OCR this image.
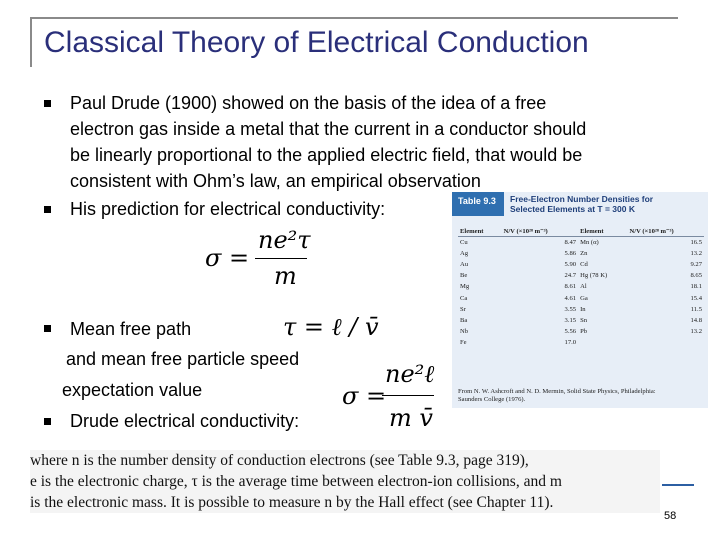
Classical Theory of Electrical Conduction
Paul Drude (1900) showed on the basis of the idea of a free
electron gas inside a metal that the current in a conductor should
be linearly proportional to the applied electric field, that would be
consistent with Ohm’s law, an empirical observation
His prediction for electrical conductivity:
σ =
ne²τ
m
Mean free path	τ = ℓ / v̄
and mean free particle speed
expectation value	σ =
ne²ℓ
m v̄
Drude electrical conductivity:
Table 9.3	Free-Electron Number Densities for
Selected Elements at T = 300 K
Element	N/V (×10²⁸ m⁻³)	Element	N/V (×10²⁸ m⁻³)
Cu	8.47	Mn (α)	16.5
Ag	5.86	Zn	13.2
Au	5.90	Cd	9.27
Be	24.7	Hg (78 K)	8.65
Mg	8.61	Al	18.1
Ca	4.61	Ga	15.4
Sr	3.55	In	11.5
Ba	3.15	Sn	14.8
Nb	5.56	Pb	13.2
Fe	17.0		
From N. W. Ashcroft and N. D. Mermin, Solid State Physics, Philadelphia:
Saunders College (1976).
where n is the number density of conduction electrons (see Table 9.3, page 319),
e is the electronic charge, τ is the average time between electron-ion collisions, and m
is the electronic mass. It is possible to measure n by the Hall effect (see Chapter 11).
58
